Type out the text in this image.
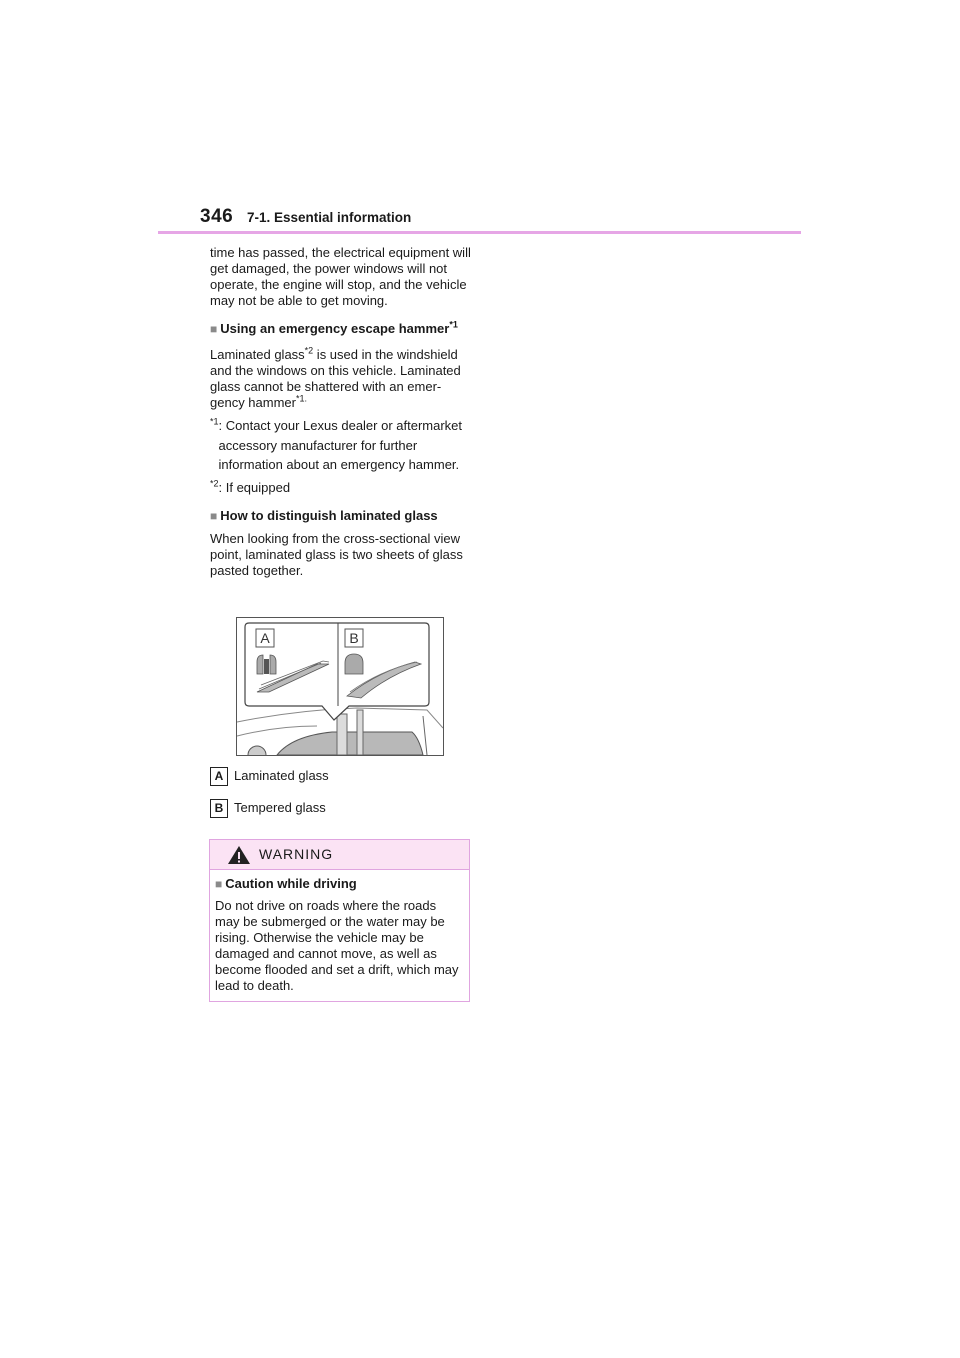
346 7-1. Essential information

time has passed, the electrical equipment will get damaged, the power windows will not operate, the engine will stop, and the vehicle may not be able to get moving.

■ Using an emergency escape hammer$^{*1}$

Laminated glass$^{*2}$ is used in the windshield and the windows on this vehicle. Laminated glass cannot be shattered with an emer-gency hammer$^{*1.}$

$^{*1}$ : Contact your Lexus dealer or aftermarket accessory manufacturer for further information about an emergency hammer.

$^{*2}$: If equipped

■ How to distinguish laminated glass

When looking from the cross-sectional view point, laminated glass is two sheets of glass pasted together.

A	B
A Laminated glass
B Tempered glass
WARNING

■ Caution while driving

Do not drive on roads where the roads may be submerged or the water may be rising. Otherwise the vehicle may be damaged and cannot move, as well as become flooded and set a drift, which may lead to death.
